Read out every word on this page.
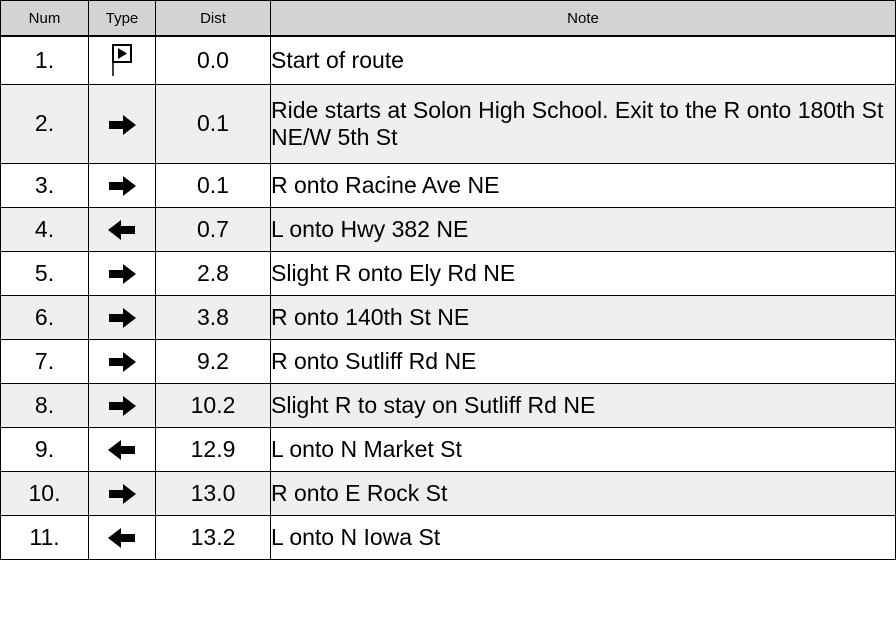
Num	Type	Dist	Note
1.		0.0	Start of route
2.		0.1	Ride starts at Solon High School. Exit to the R onto 180th St NE/W 5th St
3.		0.1	R onto Racine Ave NE
4.		0.7	L onto Hwy 382 NE
5.		2.8	Slight R onto Ely Rd NE
6.		3.8	R onto 140th St NE
7.		9.2	R onto Sutliff Rd NE
8.		10.2	Slight R to stay on Sutliff Rd NE
9.		12.9	L onto N Market St
10.		13.0	R onto E Rock St
11.		13.2	L onto N Iowa St
